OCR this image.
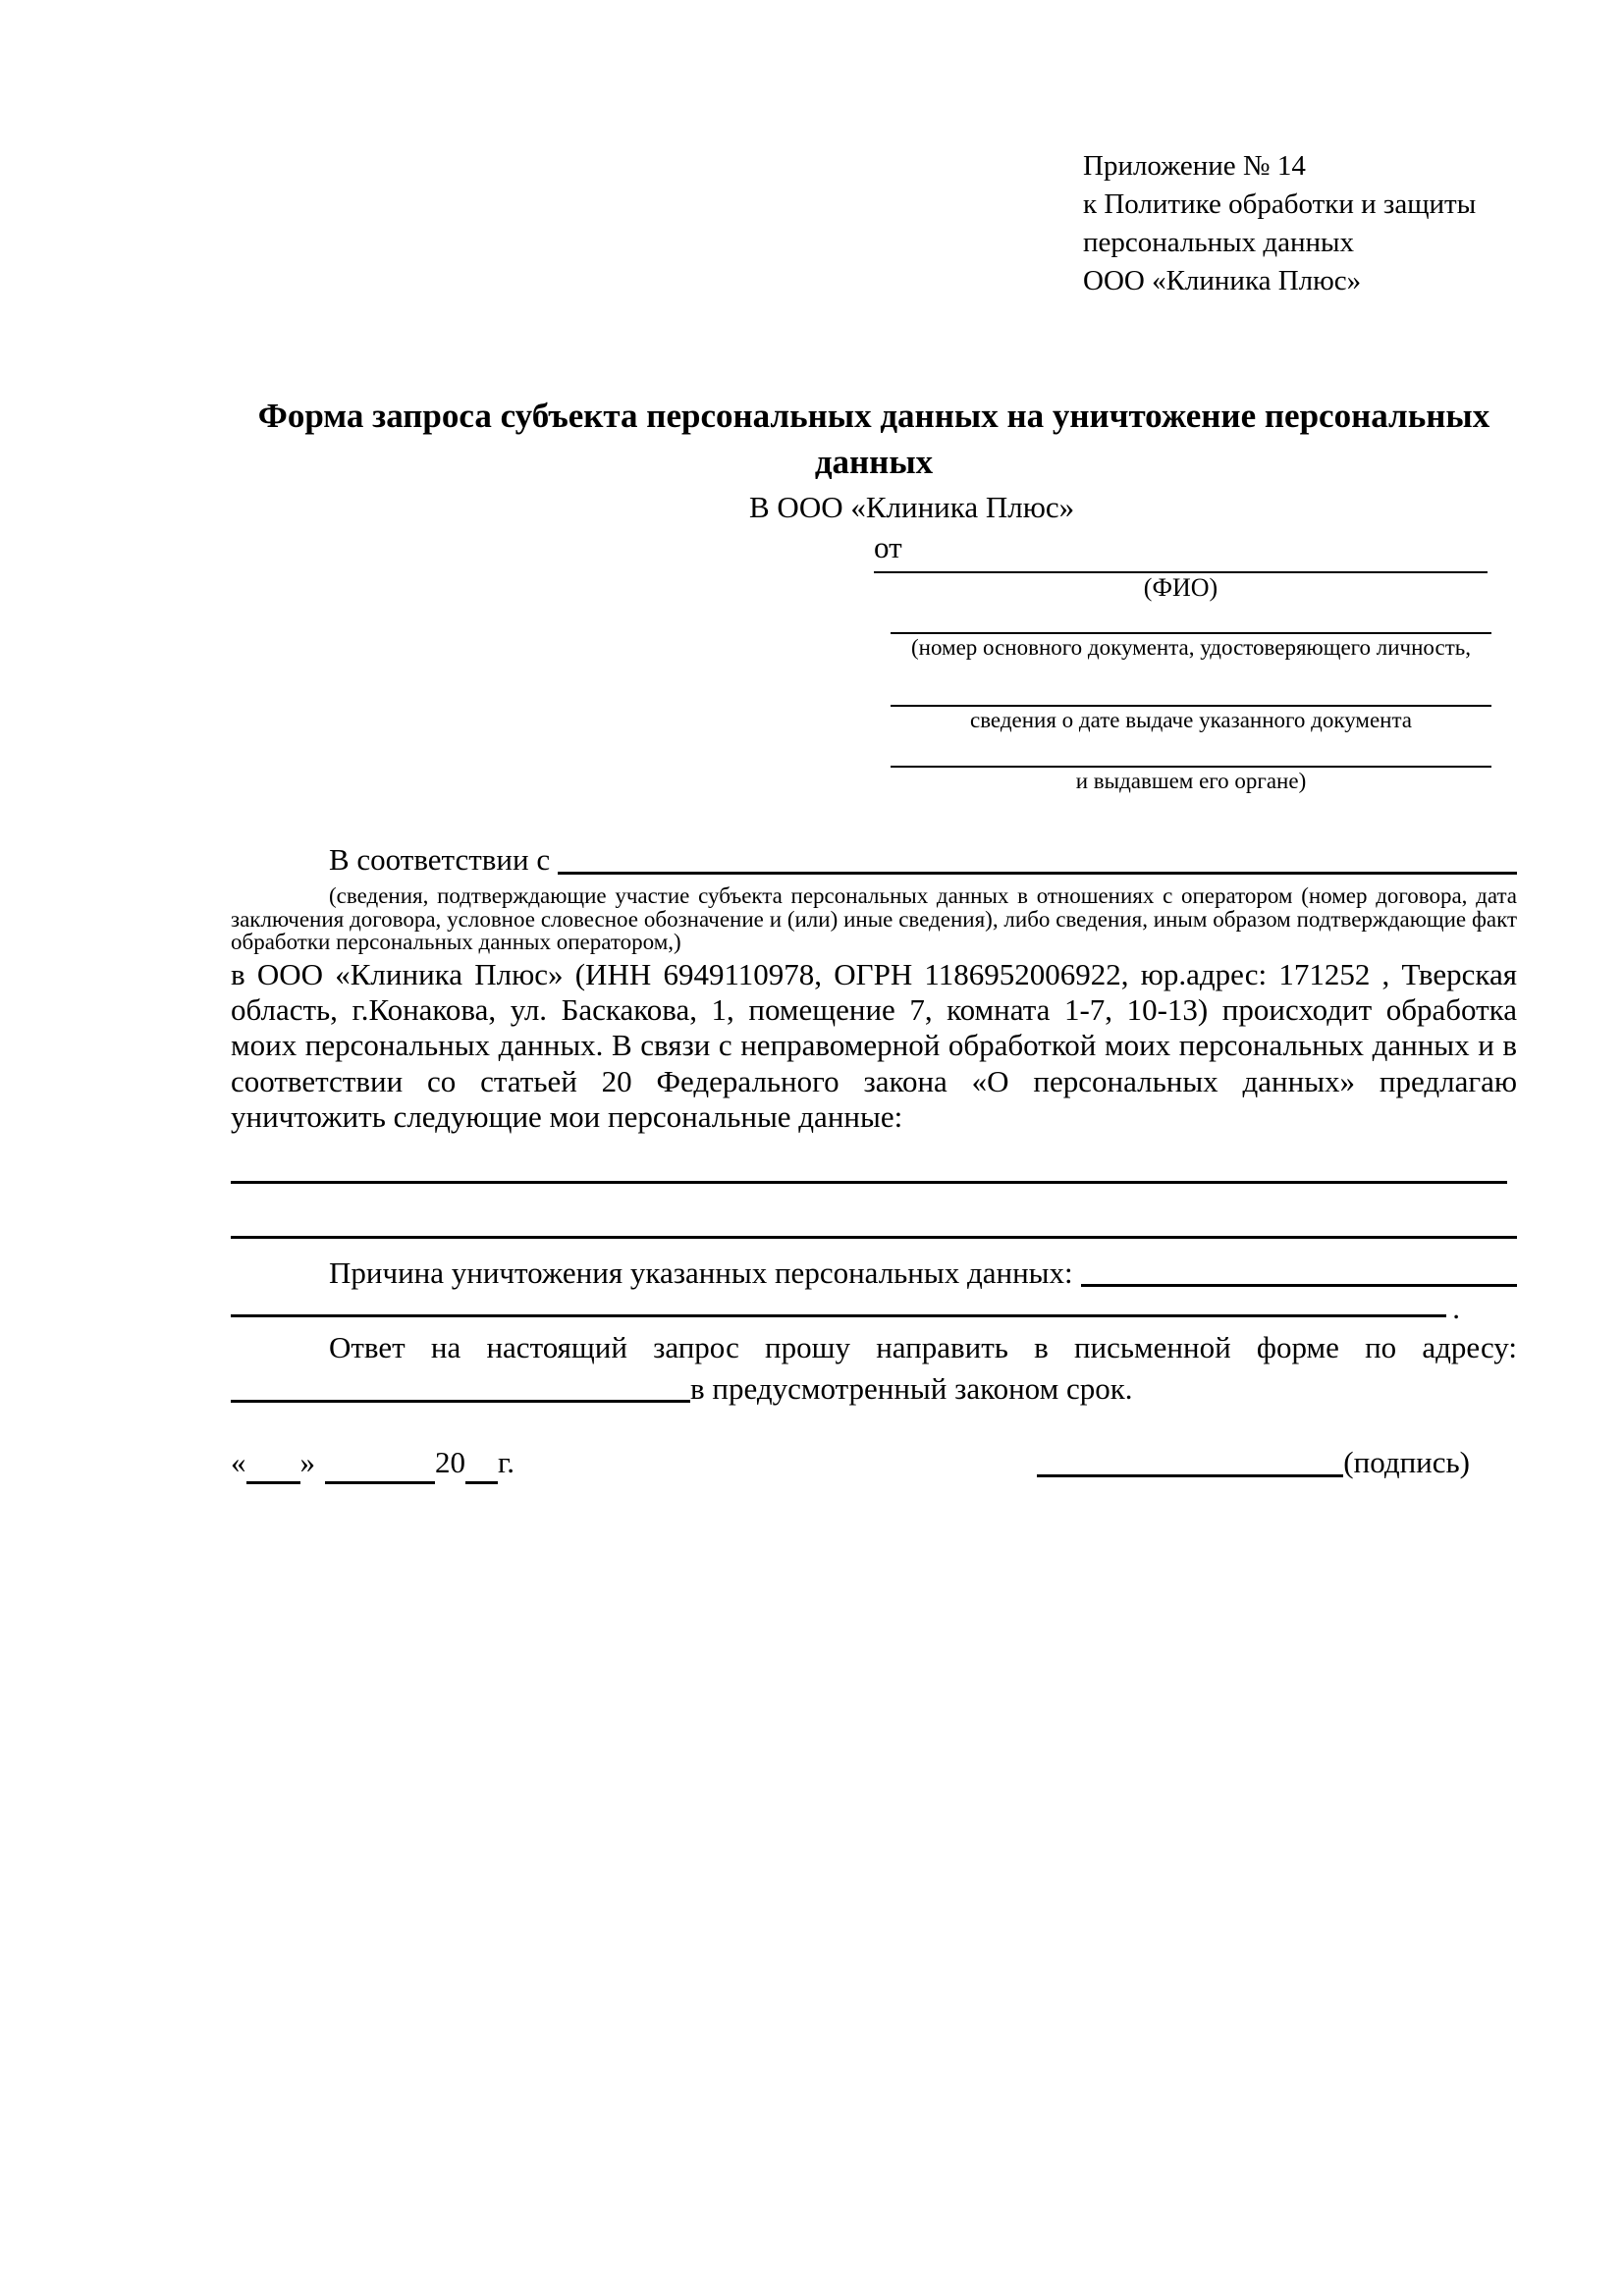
Приложение № 14
к Политике обработки и защиты
персональных данных
ООО «Клиника Плюс»
Форма запроса субъекта персональных данных на уничтожение персональных данных
В ООО «Клиника Плюс»
от
(ФИО)
(номер основного документа, удостоверяющего личность,
сведения о дате выдаче указанного документа
и выдавшем его органе)
В соответствии с
(сведения, подтверждающие участие субъекта персональных данных в отношениях с оператором (номер договора, дата заключения договора, условное словесное обозначение и (или) иные сведения), либо сведения, иным образом подтверждающие факт обработки персональных данных оператором,)
в ООО «Клиника Плюс» (ИНН 6949110978, ОГРН 1186952006922, юр.адрес: 171252 , Тверская область, г.Конакова, ул. Баскакова, 1, помещение 7, комната 1-7, 10-13) происходит обработка моих персональных данных. В связи с неправомерной обработкой моих персональных данных и в соответствии со статьей 20 Федерального закона «О персональных данных» предлагаю уничтожить следующие мои персональные данные:
Причина уничтожения указанных персональных данных:
.
Ответ на настоящий запрос прошу направить в письменной форме по адресу:
в предусмотренный законом срок.
« »	20 г.	(подпись)
